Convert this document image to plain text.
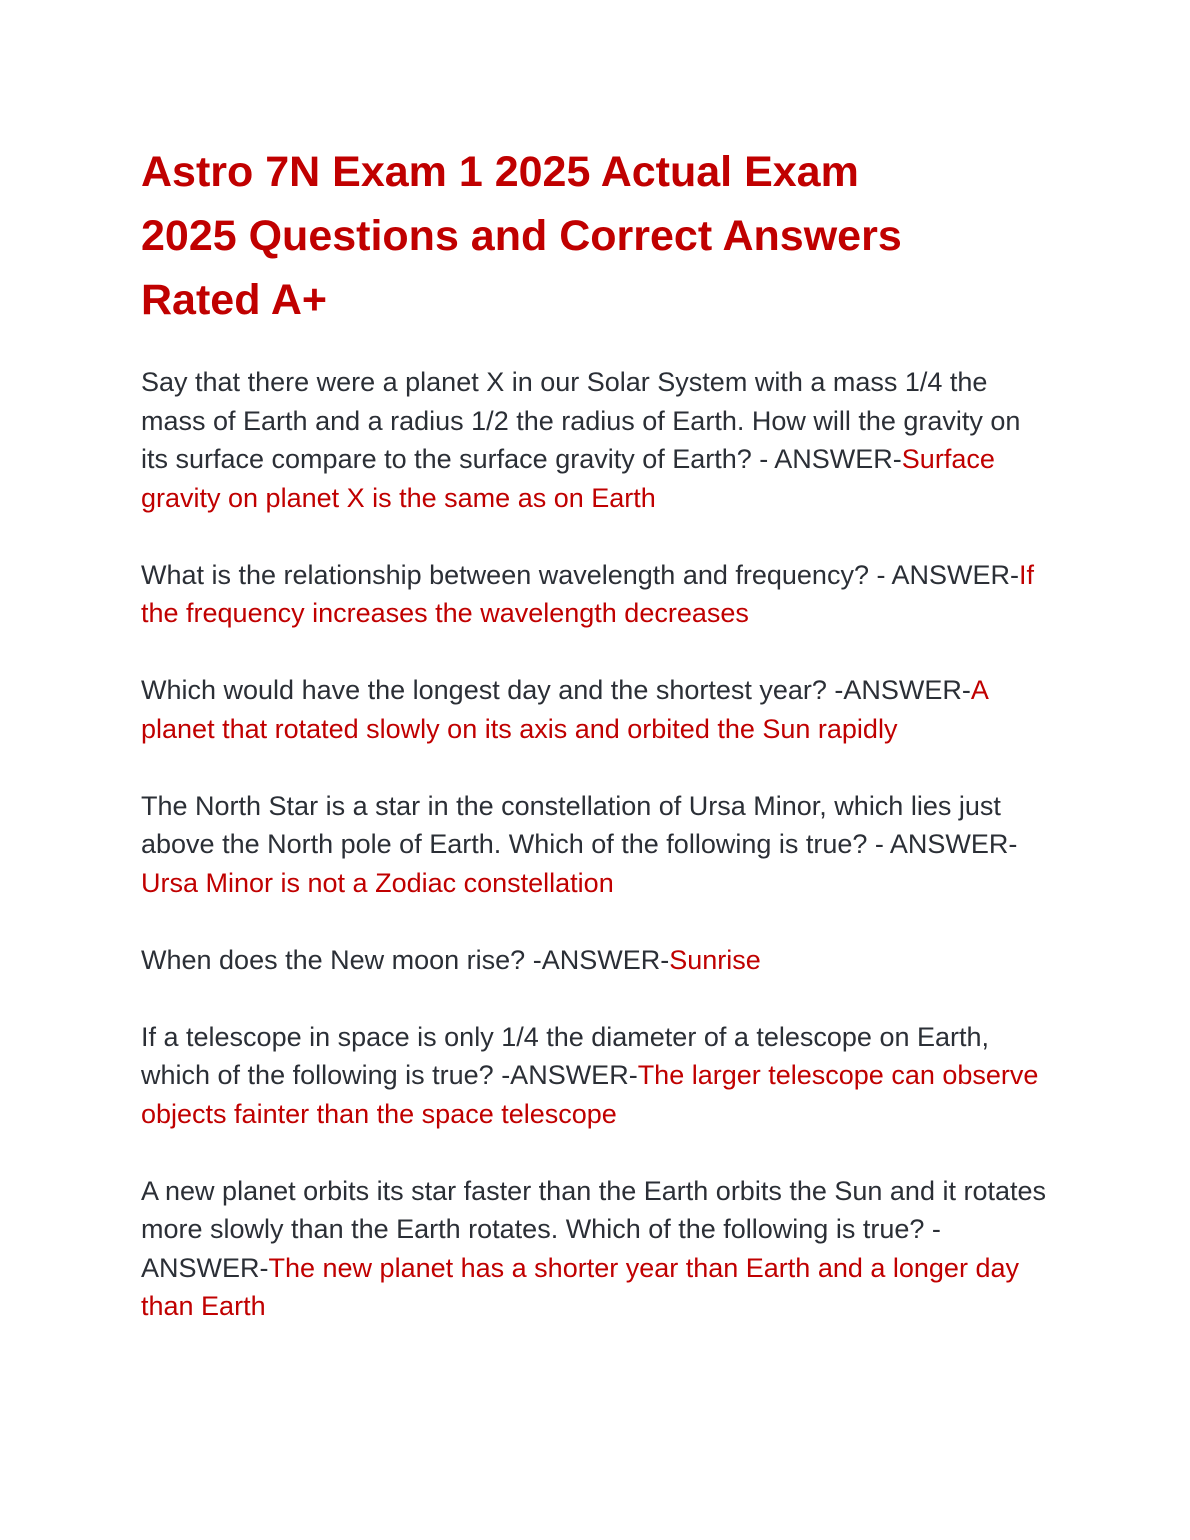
Astro 7N Exam 1 2025 Actual Exam
2025 Questions and Correct Answers
Rated A+

Say that there were a planet X in our Solar System with a mass 1/4 the mass of Earth and a radius 1/2 the radius of Earth. How will the gravity on its surface compare to the surface gravity of Earth? - ANSWER-Surface gravity on planet X is the same as on Earth

What is the relationship between wavelength and frequency? - ANSWER-If the frequency increases the wavelength decreases

Which would have the longest day and the shortest year? -ANSWER-A planet that rotated slowly on its axis and orbited the Sun rapidly

The North Star is a star in the constellation of Ursa Minor, which lies just above the North pole of Earth. Which of the following is true? - ANSWER-Ursa Minor is not a Zodiac constellation

When does the New moon rise? -ANSWER-Sunrise

If a telescope in space is only 1/4 the diameter of a telescope on Earth, which of the following is true? -ANSWER-The larger telescope can observe objects fainter than the space telescope

A new planet orbits its star faster than the Earth orbits the Sun and it rotates more slowly than the Earth rotates. Which of the following is true? -ANSWER-The new planet has a shorter year than Earth and a longer day than Earth
